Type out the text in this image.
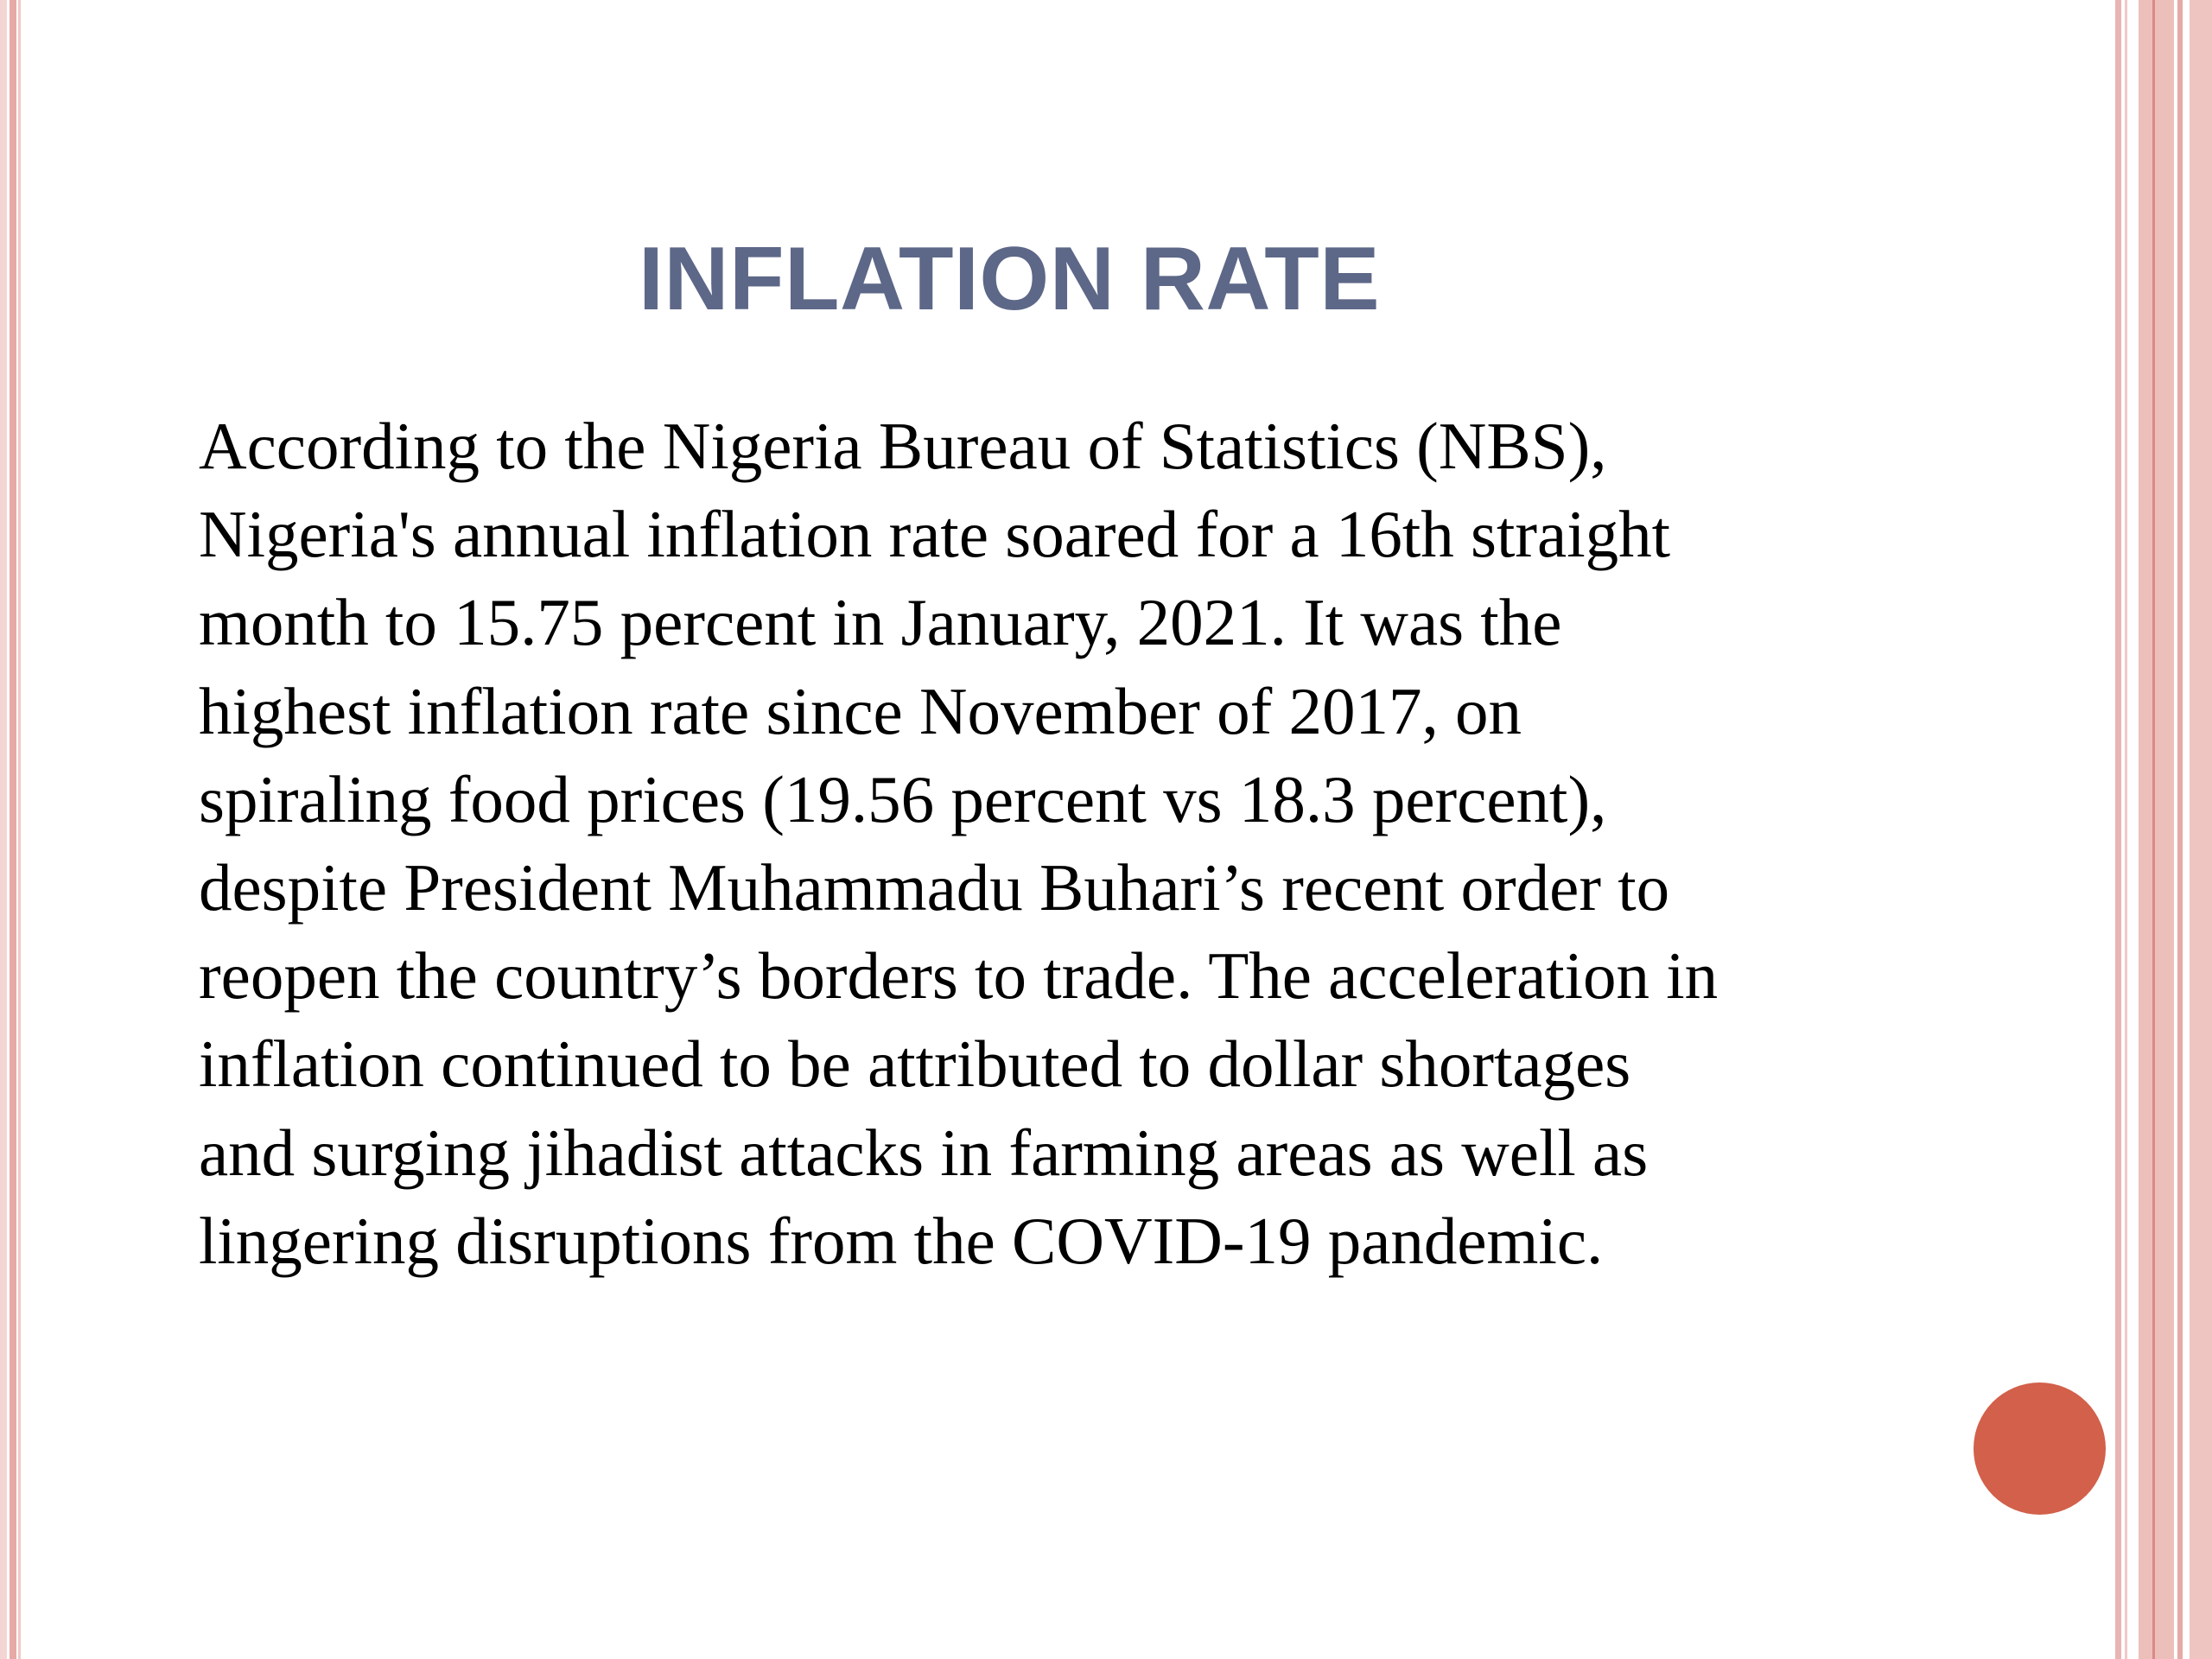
INFLATION RATE
According to the Nigeria Bureau of Statistics (NBS),
Nigeria's annual inflation rate soared for a 16th straight
month to 15.75 percent in January, 2021. It was the
highest inflation rate since November of 2017, on
spiraling food prices (19.56 percent vs 18.3 percent),
despite President Muhammadu Buhari’s recent order to
reopen the country’s borders to trade. The acceleration in
inflation continued to be attributed to dollar shortages
and surging jihadist attacks in farming areas as well as
lingering disruptions from the COVID-19 pandemic.
